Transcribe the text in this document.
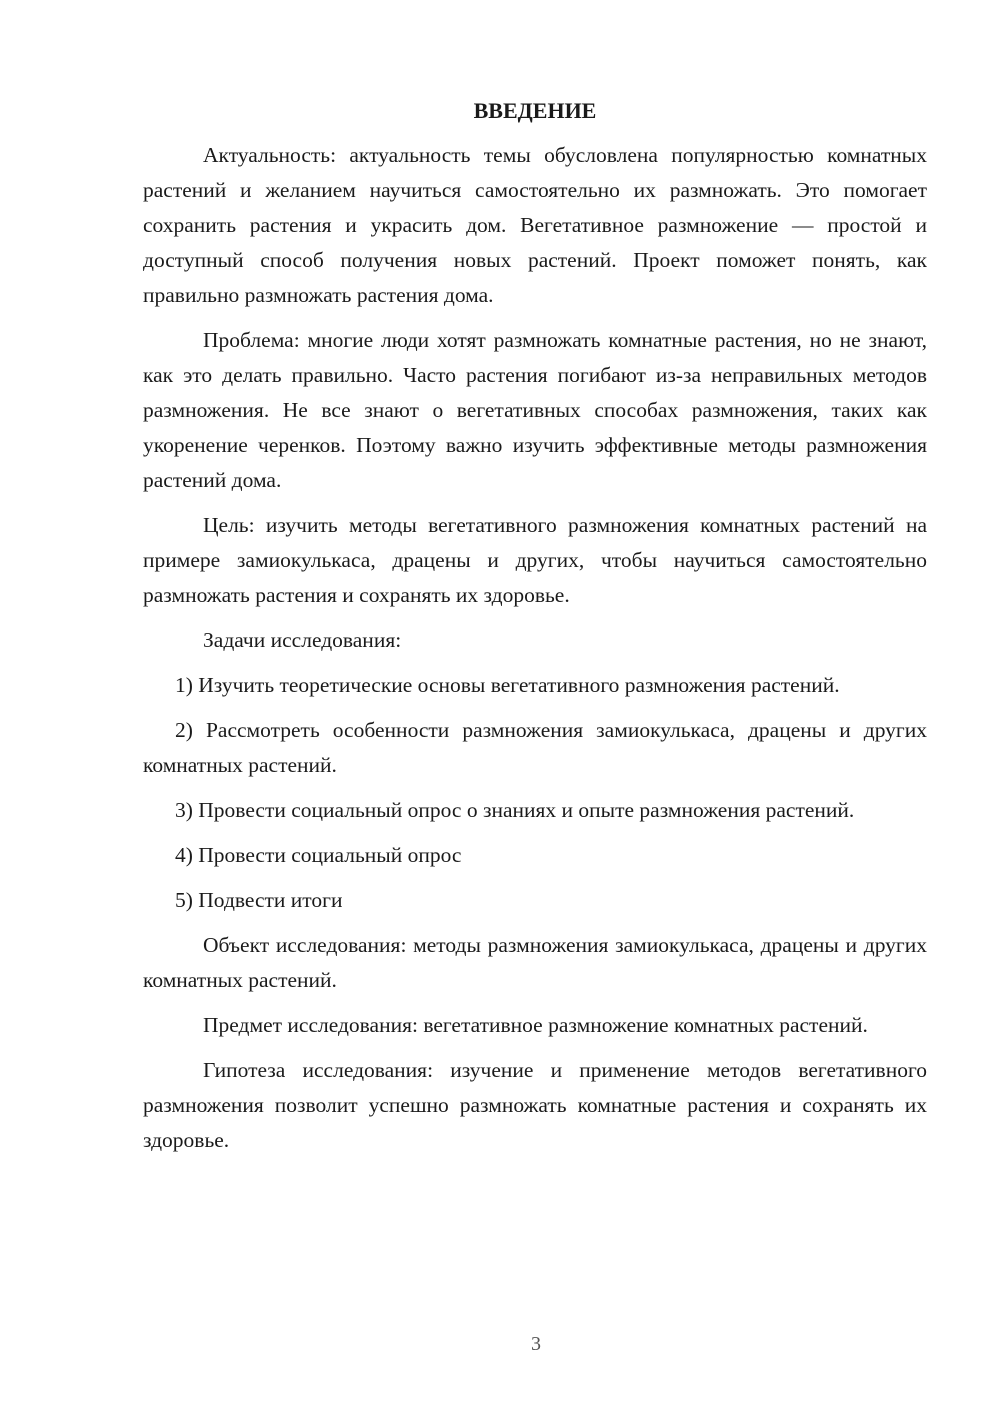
ВВЕДЕНИЕ

Актуальность: актуальность темы обусловлена популярностью комнатных растений и желанием научиться самостоятельно их размножать. Это помогает сохранить растения и украсить дом. Вегетативное размножение — простой и доступный способ получения новых растений. Проект поможет понять, как правильно размножать растения дома.

Проблема: многие люди хотят размножать комнатные растения, но не знают, как это делать правильно. Часто растения погибают из-за неправильных методов размножения. Не все знают о вегетативных способах размножения, таких как укоренение черенков. Поэтому важно изучить эффективные методы размножения растений дома.

Цель: изучить методы вегетативного размножения комнатных растений на примере замиокулькаса, драцены и других, чтобы научиться самостоятельно размножать растения и сохранять их здоровье.

Задачи исследования:

1) Изучить теоретические основы вегетативного размножения растений.

2) Рассмотреть особенности размножения замиокулькаса, драцены и других комнатных растений.

3) Провести социальный опрос о знаниях и опыте размножения растений.

4) Провести социальный опрос

5) Подвести итоги

Объект исследования: методы размножения замиокулькаса, драцены и других комнатных растений.

Предмет исследования: вегетативное размножение комнатных растений.

Гипотеза исследования: изучение и применение методов вегетативного размножения позволит успешно размножать комнатные растения и сохранять их здоровье.

3
